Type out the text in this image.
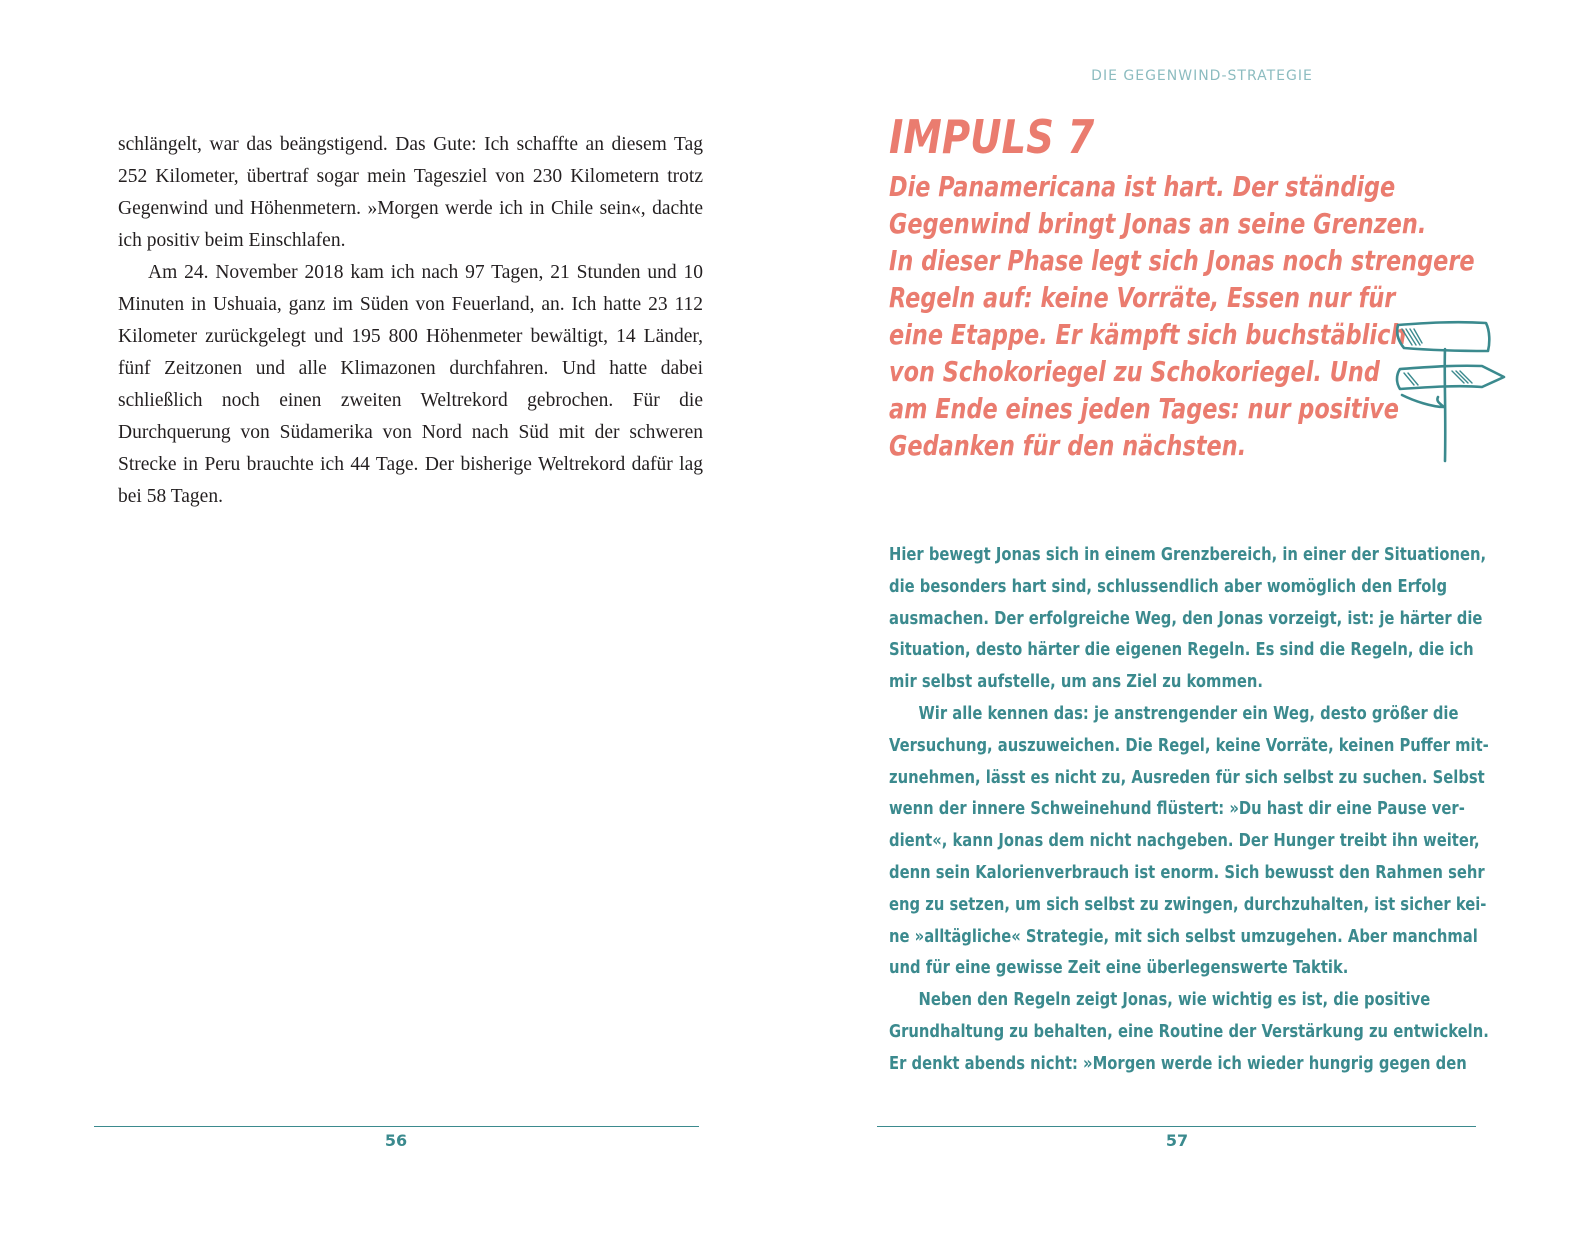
schlängelt, war das beängstigend. Das Gute: Ich schaffte an diesem Tag 252 Kilometer, übertraf sogar mein Tagesziel von 230 Kilometern trotz Gegenwind und Höhenmetern. »Morgen werde ich in Chile sein«, dachte ich positiv beim Einschlafen.

Am 24. November 2018 kam ich nach 97 Tagen, 21 Stunden und 10 Minuten in Ushuaia, ganz im Süden von Feuerland, an. Ich hatte 23 112 Kilometer zurückgelegt und 195 800 Höhenmeter bewältigt, 14 Länder, fünf Zeitzonen und alle Klimazonen durchfahren. Und hatte dabei schließlich noch einen zweiten Weltrekord gebrochen. Für die Durchquerung von Südamerika von Nord nach Süd mit der schweren Strecke in Peru brauchte ich 44 Tage. Der bisherige Weltrekord dafür lag bei 58 Tagen.

56
DIE GEGENWIND-STRATEGIE
IMPULS 7
Die Panamericana ist hart. Der ständige
Gegenwind bringt Jonas an seine Grenzen.
In dieser Phase legt sich Jonas noch strengere
Regeln auf: keine Vorräte, Essen nur für
eine Etappe. Er kämpft sich buchstäblich
von Schokoriegel zu Schokoriegel. Und
am Ende eines jeden Tages: nur positive
Gedanken für den nächsten.
Hier bewegt Jonas sich in einem Grenzbereich, in einer der Situationen,
die besonders hart sind, schlussendlich aber womöglich den Erfolg
ausmachen. Der erfolgreiche Weg, den Jonas vorzeigt, ist: je härter die
Situation, desto härter die eigenen Regeln. Es sind die Regeln, die ich
mir selbst aufstelle, um ans Ziel zu kommen.
Wir alle kennen das: je anstrengender ein Weg, desto größer die
Versuchung, auszuweichen. Die Regel, keine Vorräte, keinen Puffer mit-
zunehmen, lässt es nicht zu, Ausreden für sich selbst zu suchen. Selbst
wenn der innere Schweinehund flüstert: »Du hast dir eine Pause ver-
dient«, kann Jonas dem nicht nachgeben. Der Hunger treibt ihn weiter,
denn sein Kalorienverbrauch ist enorm. Sich bewusst den Rahmen sehr
eng zu setzen, um sich selbst zu zwingen, durchzuhalten, ist sicher kei-
ne »alltägliche« Strategie, mit sich selbst umzugehen. Aber manchmal
und für eine gewisse Zeit eine überlegenswerte Taktik.
Neben den Regeln zeigt Jonas, wie wichtig es ist, die positive
Grundhaltung zu behalten, eine Routine der Verstärkung zu entwickeln.
Er denkt abends nicht: »Morgen werde ich wieder hungrig gegen den
57
